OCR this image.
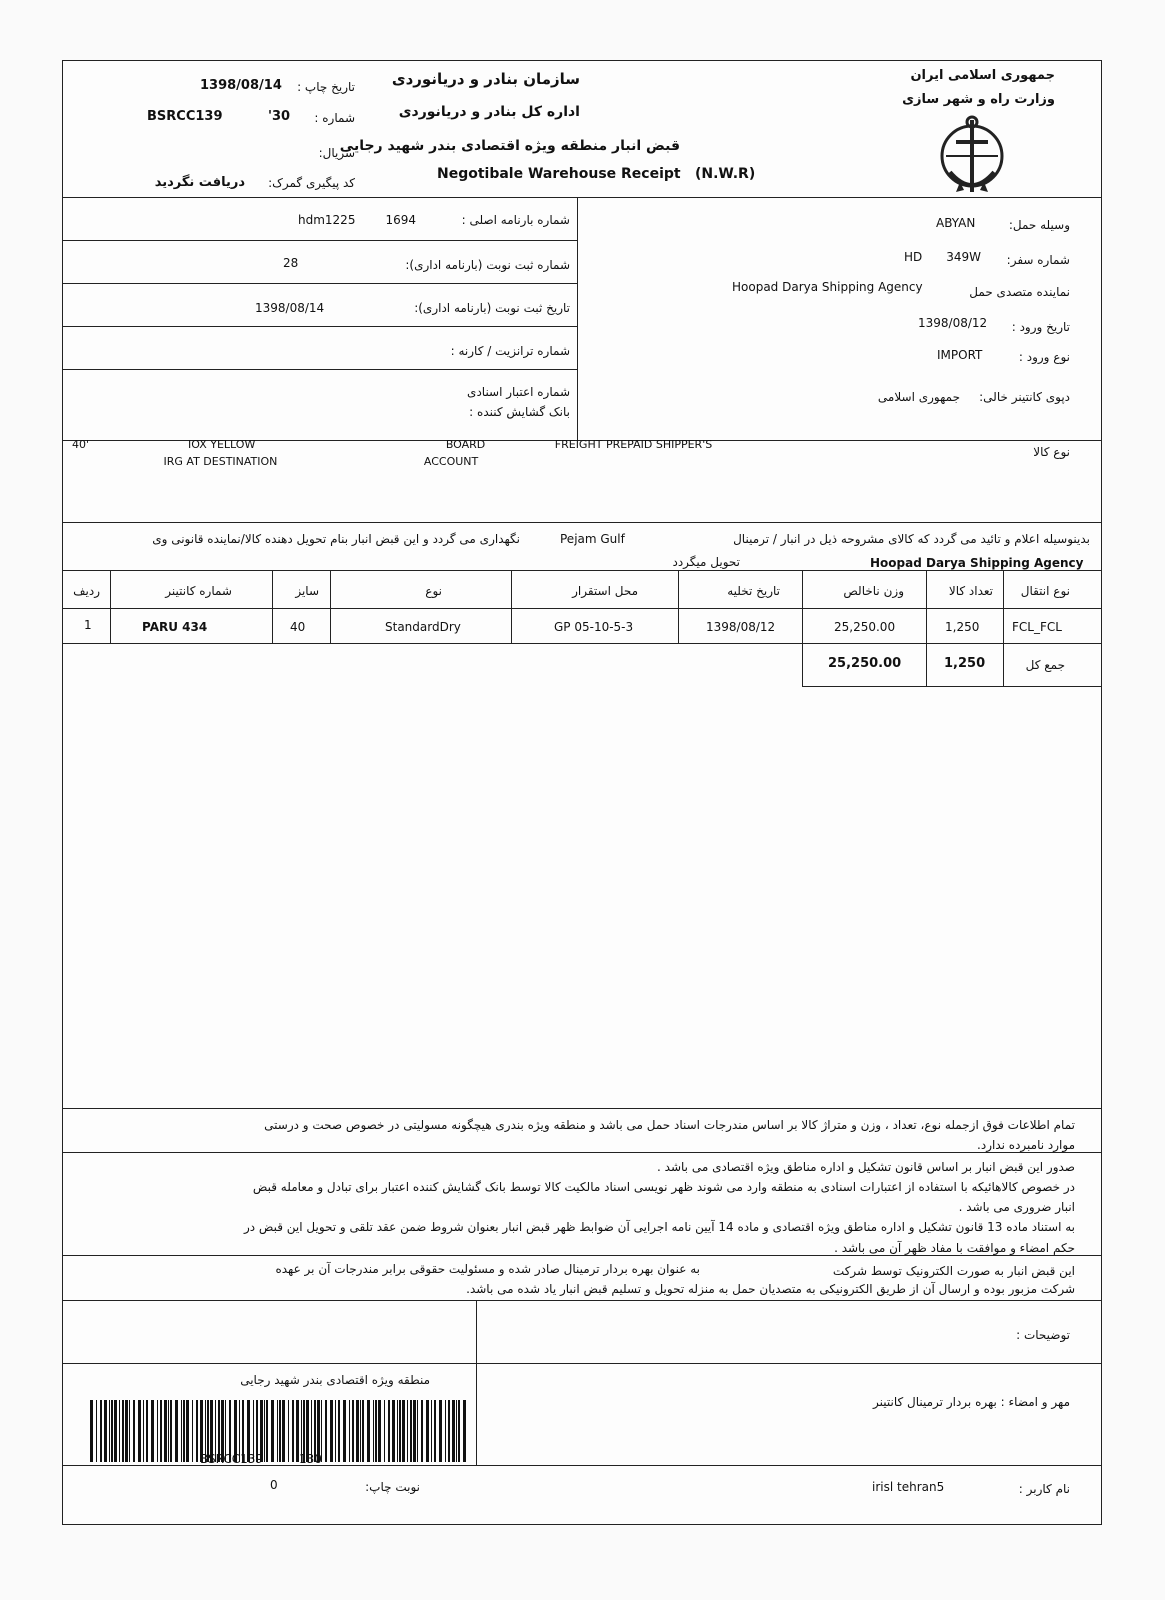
جمهوری اسلامی ایران
وزارت راه و شهر سازی
سازمان بنادر و دریانوردی
اداره کل بنادر و دریانوردی
قبض انبار منطقه ویژه اقتصادی بندر شهید رجایی
Negotibale Warehouse Receipt (N.W.R)
تاریخ چاپ :
1398/08/14
شماره :
BSRCC139    '30
سریال:
کد پیگیری گمرک:
دریافت نگردید
شماره بارنامه اصلی :
hdm1225   1694
شماره ثبت نوبت (بارنامه اداری):
28  
تاریخ ثبت نوبت (بارنامه اداری):
1398/08/14
شماره ترانزیت / کارنه :
شماره اعتبار اسنادی
بانک گشایش کننده :
وسیله حمل:
ABYAN
شماره سفر:
HD  349W
نماینده متصدی حمل
Hoopad Darya Shipping Agency
تاریخ ورود :
1398/08/12
نوع ورود :
IMPORT
دپوی کانتینر خالی:
جمهوری اسلامی
نوع کالا
40'         IOX YELLOW                  BOARD       FREIGHT PREPAID SHIPPER'S
         IRG AT DESTINATION              ACCOUNT
بدینوسیله اعلام و تائید می گردد که کالای مشروحه ذیل در انبار / ترمینال
Pejam Gulf
نگهداری می گردد و این قبض انبار بنام تحویل دهنده کالا/نماینده قانونی وی
Hoopad Darya Shipping Agency
تحویل میگردد
نوع انتقال
تعداد کالا
وزن ناخالص
تاریخ تخلیه
محل استقرار
نوع
سایز
شماره کانتینر
ردیف
FCL_FCL
1,250
25,250.00
1398/08/12
GP 05-10-5-3
StandardDry
40
PARU 434  
1
جمع کل
1,250
25,250.00
تمام اطلاعات فوق ازجمله نوع، تعداد ، وزن و متراژ کالا بر اساس مندرجات اسناد حمل می باشد و منطقه ویژه بندری هیچگونه مسولیتی در خصوص صحت و درستی
موارد نامبرده ندارد.
صدور این قبض انبار بر اساس قانون تشکیل و اداره مناطق ویژه اقتصادی می باشد .
در خصوص کالاهائیکه با استفاده از اعتبارات اسنادی به منطقه وارد می شوند ظهر نویسی اسناد مالکیت کالا توسط بانک گشایش کننده اعتبار برای تبادل و معامله قبض
انبار ضروری می باشد .
به استناد ماده 13 قانون تشکیل و اداره مناطق ویژه اقتصادی و ماده 14 آیین نامه اجرایی آن ضوابط ظهر قبض انبار بعنوان شروط ضمن عقد تلقی و تحویل این قبض در
حکم امضاء و موافقت با مفاد ظهر آن می باشد .
این قبض انبار به صورت الکترونیک توسط شرکت
به عنوان بهره بردار ترمینال صادر شده و مسئولیت حقوقی برابر مندرجات آن بر عهده
شرکت مزبور بوده و ارسال آن از طریق الکترونیکی به متصدیان حمل به منزله تحویل و تسلیم قبض انبار یاد شده می باشد.
توضیحات :
مهر و امضاء : بهره بردار ترمینال کانتینر
منطقه ویژه اقتصادی بندر شهید رجایی
BSRCC139   130
نام کاربر :
irisl tehran5
نوبت چاپ:
0
